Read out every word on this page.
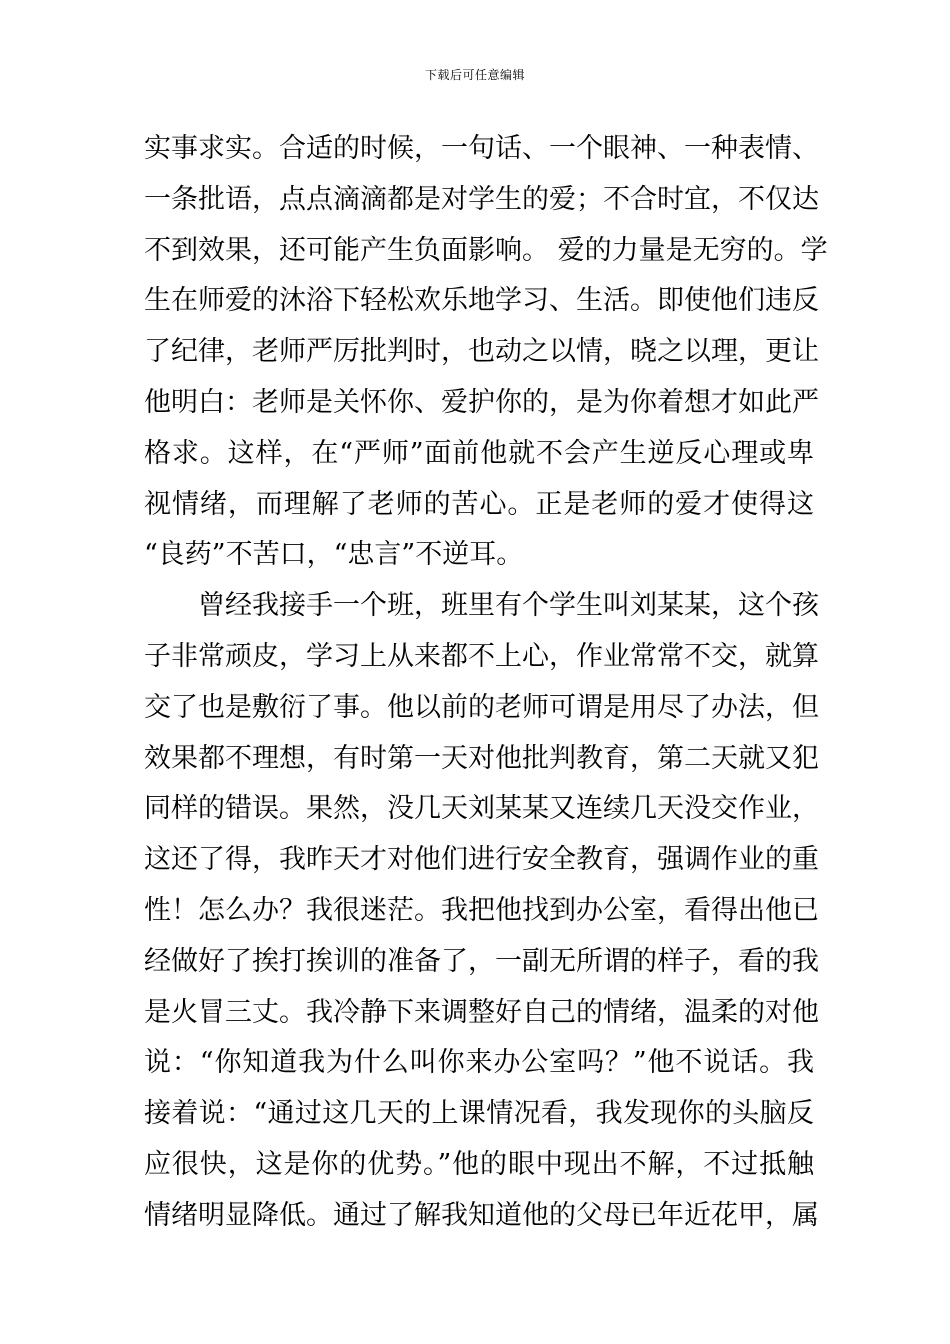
下载后可任意编辑
实事求实。合适的时候，一句话、一个眼神、一种表情、
一条批语，点点滴滴都是对学生的爱；不合时宜，不仅达
不到效果，还可能产生负面影响。 爱的力量是无穷的。学
生在师爱的沐浴下轻松欢乐地学习、生活。即使他们违反
了纪律，老师严厉批判时，也动之以情，晓之以理，更让
他明白：老师是关怀你、爱护你的，是为你着想才如此严
格求。这样，在“严师”面前他就不会产生逆反心理或卑
视情绪，而理解了老师的苦心。正是老师的爱才使得这
“良药”不苦口，“忠言”不逆耳。
曾经我接手一个班，班里有个学生叫刘某某，这个孩
子非常顽皮，学习上从来都不上心，作业常常不交，就算
交了也是敷衍了事。他以前的老师可谓是用尽了办法，但
效果都不理想，有时第一天对他批判教育，第二天就又犯
同样的错误。果然，没几天刘某某又连续几天没交作业，
这还了得，我昨天才对他们进行安全教育，强调作业的重
性！怎么办？我很迷茫。我把他找到办公室，看得出他已
经做好了挨打挨训的准备了，一副无所谓的样子，看的我
是火冒三丈。我冷静下来调整好自己的情绪，温柔的对他
说：“你知道我为什么叫你来办公室吗？”他不说话。我
接着说：“通过这几天的上课情况看，我发现你的头脑反
应很快，这是你的优势。”他的眼中现出不解，不过抵触
情绪明显降低。通过了解我知道他的父母已年近花甲，属
